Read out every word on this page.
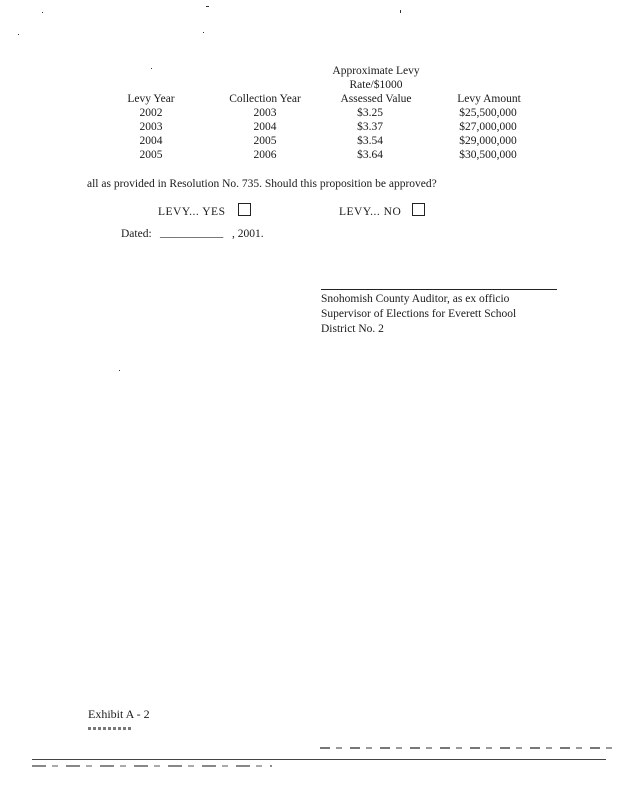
Approximate Levy
Rate/$1000
Levy Year	Collection Year	Assessed Value	Levy Amount
2002	2003	$3.25	$25,500,000
2003	2004	$3.37	$27,000,000
2004	2005	$3.54	$29,000,000
2005	2006	$3.64	$30,500,000
all as provided in Resolution No. 735. Should this proposition be approved?
LEVY... YES	LEVY... NO
Dated: ___________ , 2001.
Snohomish County Auditor, as ex officio
Supervisor of Elections for Everett School
District No. 2
Exhibit A - 2
